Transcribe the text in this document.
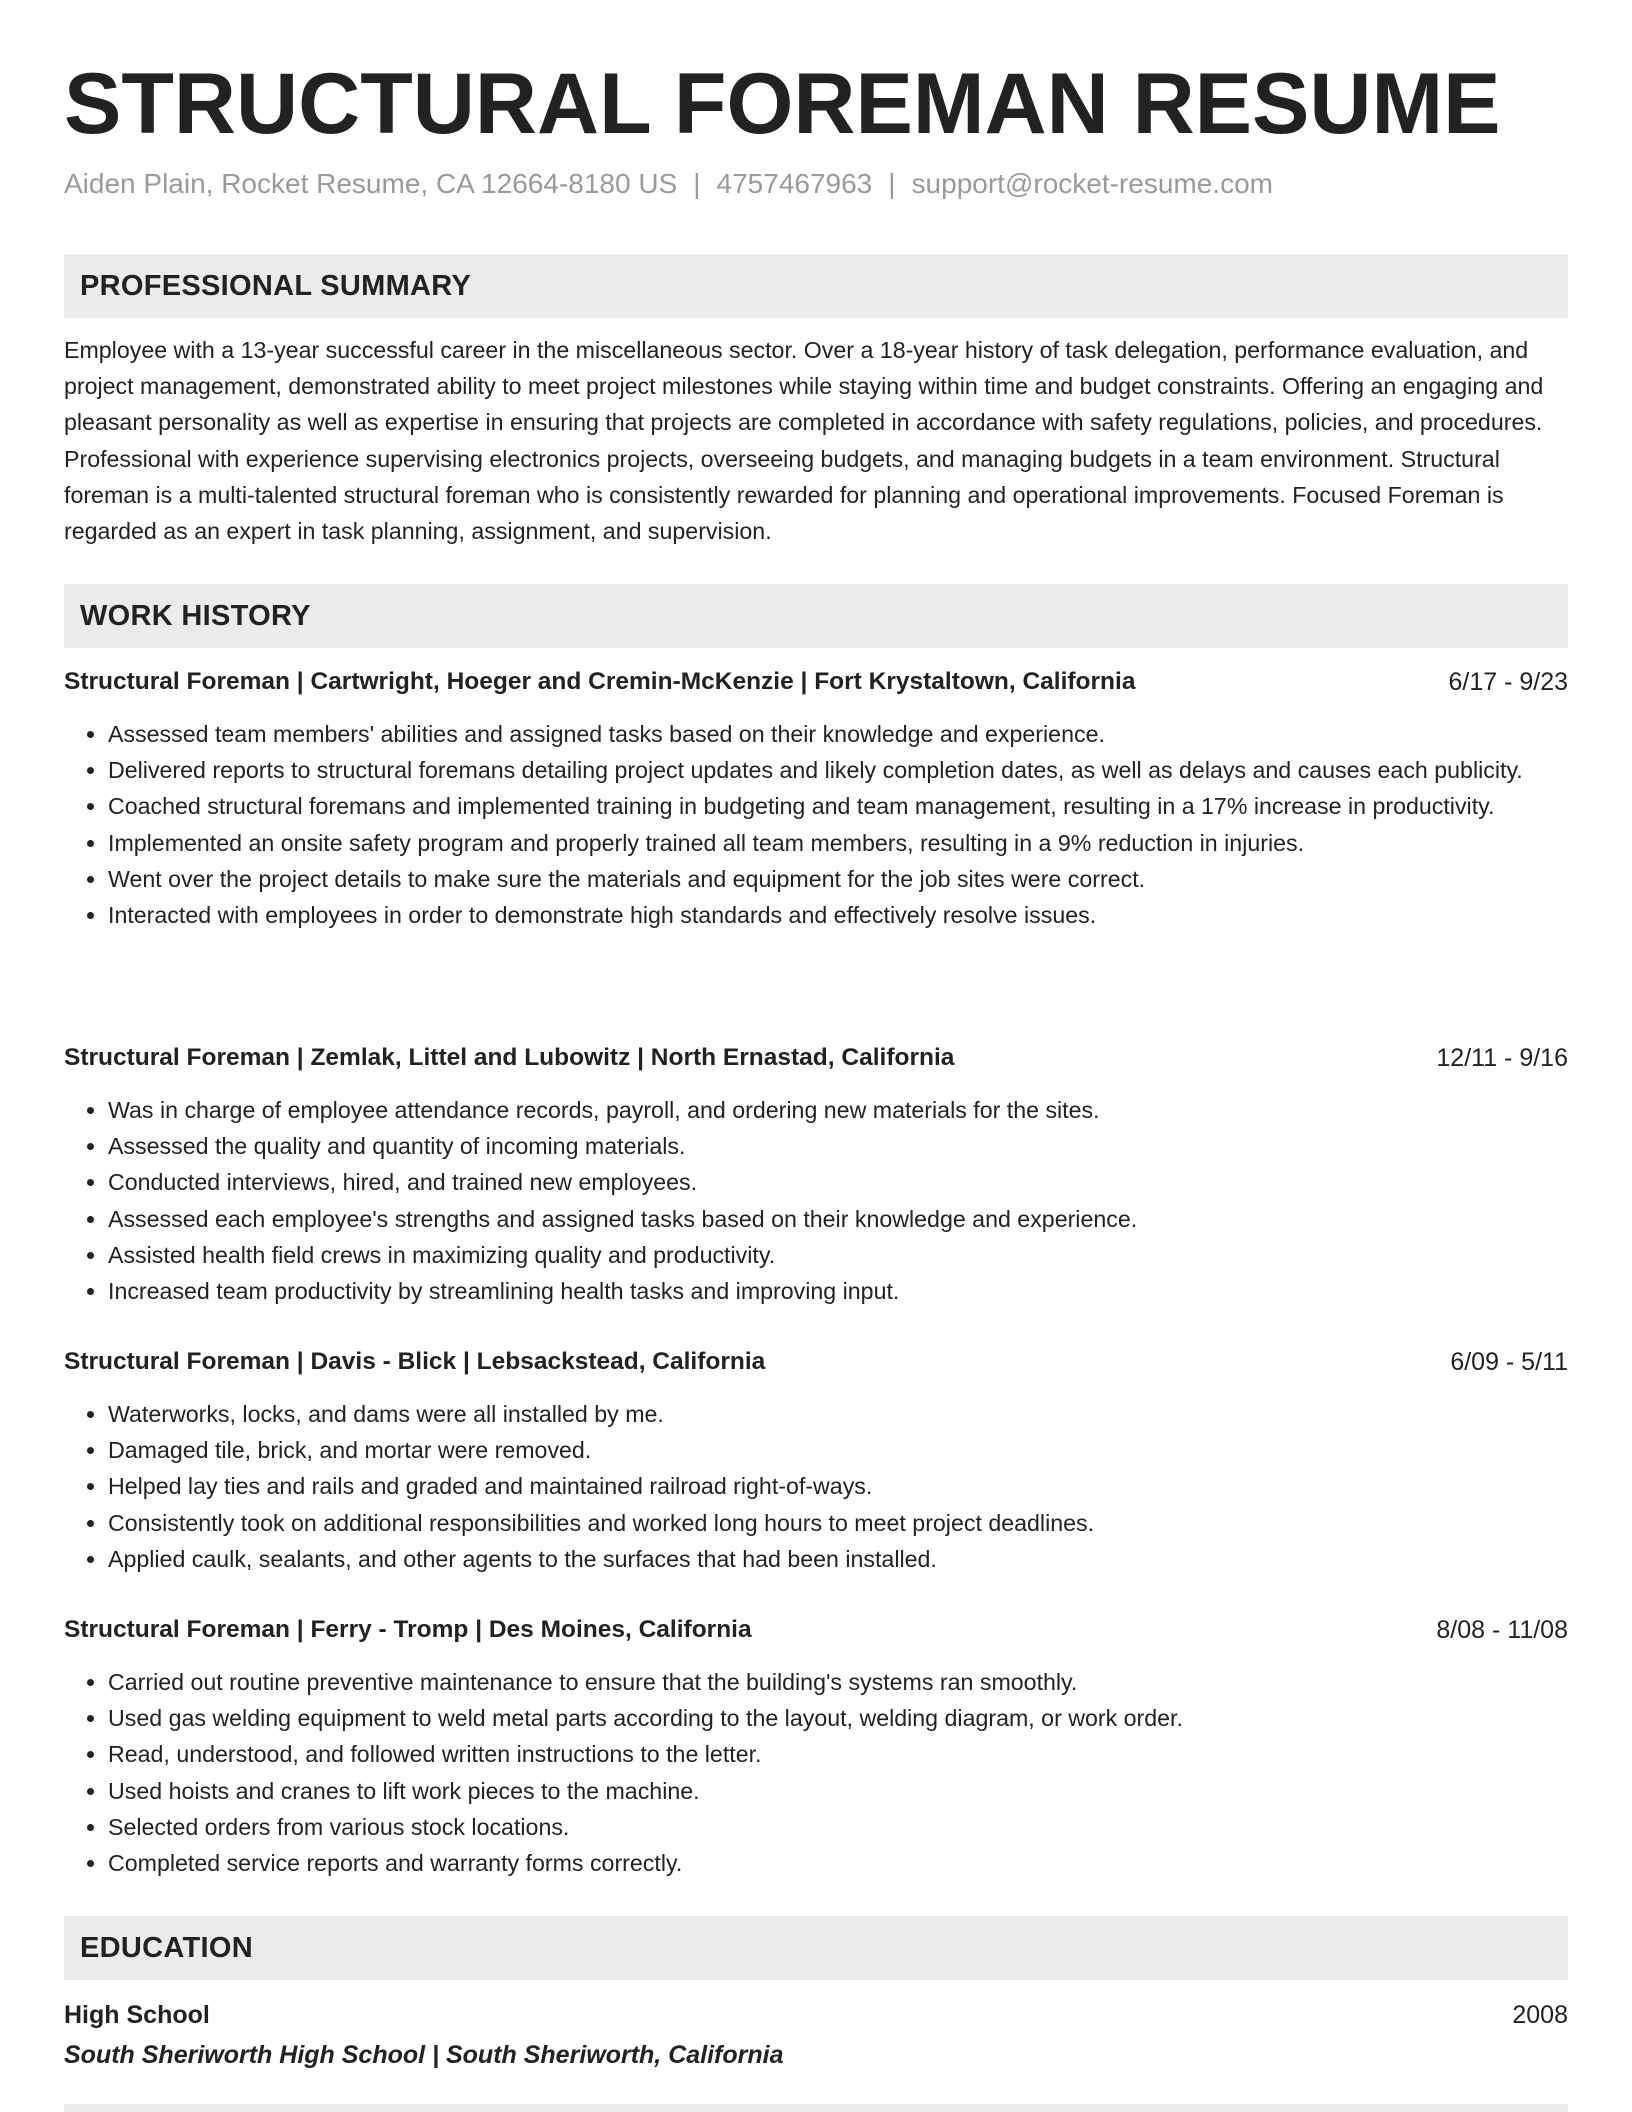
STRUCTURAL FOREMAN RESUME
Aiden Plain, Rocket Resume, CA 12664-8180 US | 4757467963 | support@rocket-resume.com
PROFESSIONAL SUMMARY
Employee with a 13-year successful career in the miscellaneous sector. Over a 18-year history of task delegation, performance evaluation, and project management, demonstrated ability to meet project milestones while staying within time and budget constraints. Offering an engaging and pleasant personality as well as expertise in ensuring that projects are completed in accordance with safety regulations, policies, and procedures. Professional with experience supervising electronics projects, overseeing budgets, and managing budgets in a team environment. Structural foreman is a multi-talented structural foreman who is consistently rewarded for planning and operational improvements. Focused Foreman is regarded as an expert in task planning, assignment, and supervision.
WORK HISTORY
Structural Foreman | Cartwright, Hoeger and Cremin-McKenzie | Fort Krystaltown, California	6/17 - 9/23
• Assessed team members' abilities and assigned tasks based on their knowledge and experience.
• Delivered reports to structural foremans detailing project updates and likely completion dates, as well as delays and causes each publicity.
• Coached structural foremans and implemented training in budgeting and team management, resulting in a 17% increase in productivity.
• Implemented an onsite safety program and properly trained all team members, resulting in a 9% reduction in injuries.
• Went over the project details to make sure the materials and equipment for the job sites were correct.
• Interacted with employees in order to demonstrate high standards and effectively resolve issues.
Structural Foreman | Zemlak, Littel and Lubowitz | North Ernastad, California	12/11 - 9/16
• Was in charge of employee attendance records, payroll, and ordering new materials for the sites.
• Assessed the quality and quantity of incoming materials.
• Conducted interviews, hired, and trained new employees.
• Assessed each employee's strengths and assigned tasks based on their knowledge and experience.
• Assisted health field crews in maximizing quality and productivity.
• Increased team productivity by streamlining health tasks and improving input.
Structural Foreman | Davis - Blick | Lebsackstead, California	6/09 - 5/11
• Waterworks, locks, and dams were all installed by me.
• Damaged tile, brick, and mortar were removed.
• Helped lay ties and rails and graded and maintained railroad right-of-ways.
• Consistently took on additional responsibilities and worked long hours to meet project deadlines.
• Applied caulk, sealants, and other agents to the surfaces that had been installed.
Structural Foreman | Ferry - Tromp | Des Moines, California	8/08 - 11/08
• Carried out routine preventive maintenance to ensure that the building's systems ran smoothly.
• Used gas welding equipment to weld metal parts according to the layout, welding diagram, or work order.
• Read, understood, and followed written instructions to the letter.
• Used hoists and cranes to lift work pieces to the machine.
• Selected orders from various stock locations.
• Completed service reports and warranty forms correctly.
EDUCATION
High School	2008
South Sheriworth High School | South Sheriworth, California
